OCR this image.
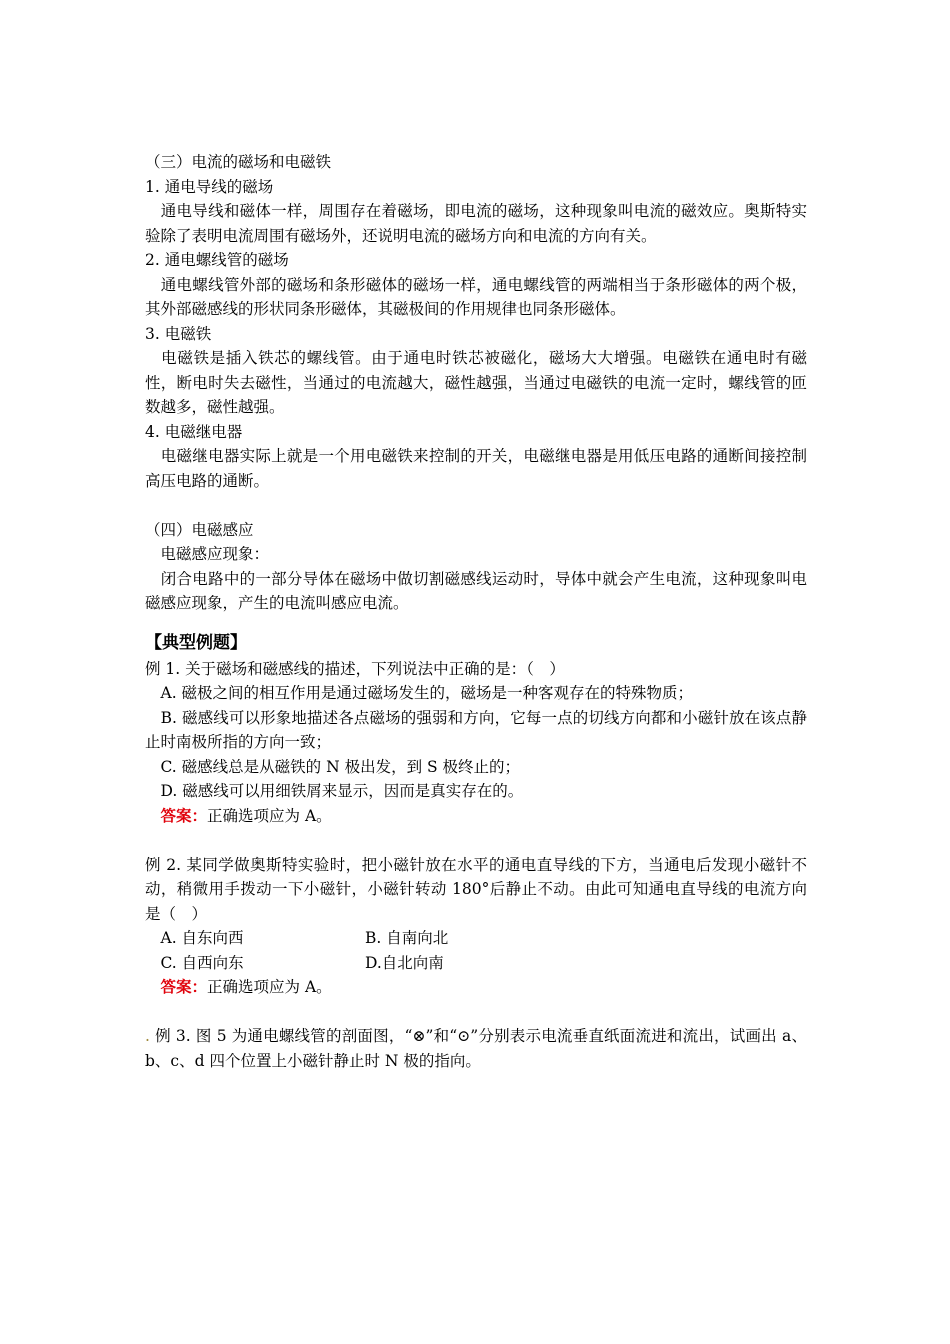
（三）电流的磁场和电磁铁
1. 通电导线的磁场
　通电导线和磁体一样，周围存在着磁场，即电流的磁场，这种现象叫电流的磁效应。奥斯特实验除了表明电流周围有磁场外，还说明电流的磁场方向和电流的方向有关。
2. 通电螺线管的磁场
　通电螺线管外部的磁场和条形磁体的磁场一样，通电螺线管的两端相当于条形磁体的两个极，其外部磁感线的形状同条形磁体，其磁极间的作用规律也同条形磁体。
3. 电磁铁
　电磁铁是插入铁芯的螺线管。由于通电时铁芯被磁化，磁场大大增强。电磁铁在通电时有磁性，断电时失去磁性，当通过的电流越大，磁性越强，当通过电磁铁的电流一定时，螺线管的匝数越多，磁性越强。
4. 电磁继电器
　电磁继电器实际上就是一个用电磁铁来控制的开关，电磁继电器是用低压电路的通断间接控制高压电路的通断。
（四）电磁感应
　电磁感应现象：
　闭合电路中的一部分导体在磁场中做切割磁感线运动时，导体中就会产生电流，这种现象叫电磁感应现象，产生的电流叫感应电流。
【典型例题】
例 1. 关于磁场和磁感线的描述，下列说法中正确的是：（　）
　A. 磁极之间的相互作用是通过磁场发生的，磁场是一种客观存在的特殊物质；
　B. 磁感线可以形象地描述各点磁场的强弱和方向，它每一点的切线方向都和小磁针放在该点静止时南极所指的方向一致；
　C. 磁感线总是从磁铁的 N 极出发，到 S 极终止的；
　D. 磁感线可以用细铁屑来显示，因而是真实存在的。
　答案：正确选项应为 A。
例 2. 某同学做奥斯特实验时，把小磁针放在水平的通电直导线的下方，当通电后发现小磁针不动，稍微用手拨动一下小磁针，小磁针转动 180°后静止不动。由此可知通电直导线的电流方向是（　）
　A. 自东向西	B. 自南向北
　C. 自西向东	D.自北向南
　答案：正确选项应为 A。
. 例 3. 图 5 为通电螺线管的剖面图，“⊗”和“⊙”分别表示电流垂直纸面流进和流出，试画出 a、b、c、d 四个位置上小磁针静止时 N 极的指向。
